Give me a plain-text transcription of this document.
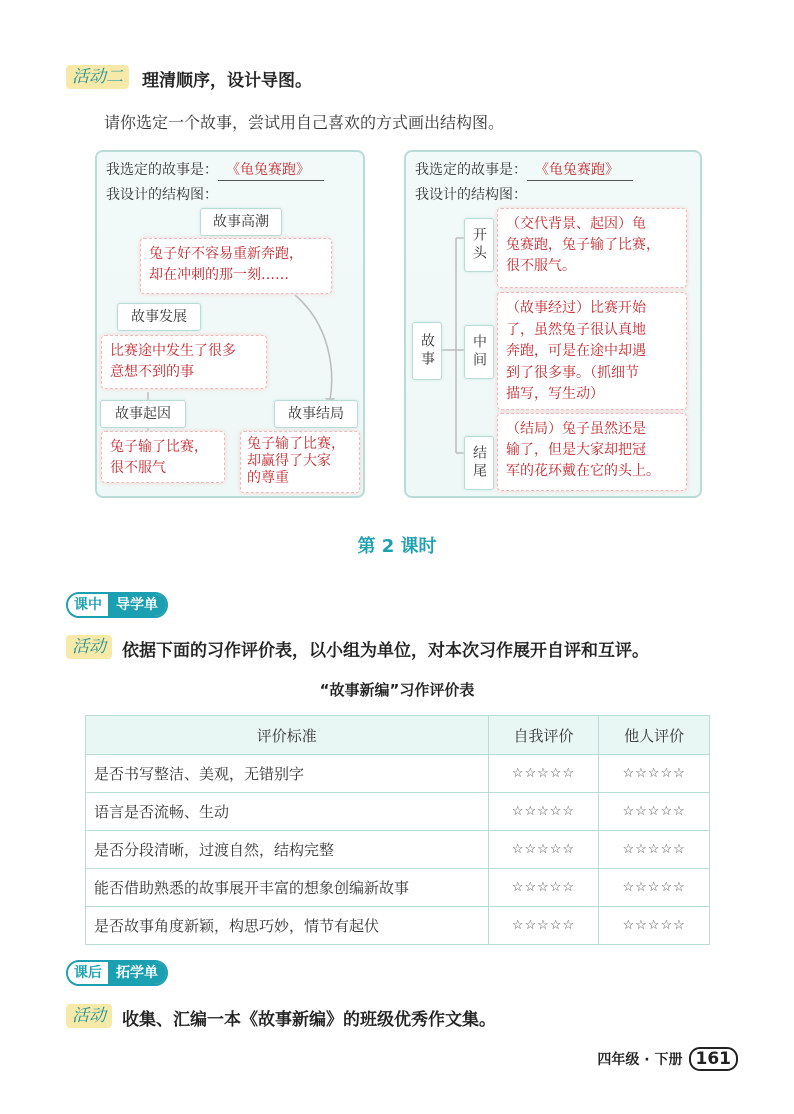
活动二	理清顺序，设计导图。
请你选定一个故事，尝试用自己喜欢的方式画出结构图。
我选定的故事是： 《龟兔赛跑》
我设计的结构图：
故事高潮
兔子好不容易重新奔跑，
却在冲刺的那一刻……
故事发展
比赛途中发生了很多
意想不到的事
故事起因
兔子输了比赛，
很不服气
故事结局
兔子输了比赛，
却赢得了大家
的尊重
我选定的故事是： 《龟兔赛跑》
我设计的结构图：
故事
开头
（交代背景、起因）龟
兔赛跑，兔子输了比赛，
很不服气。
中间
（故事经过）比赛开始
了，虽然兔子很认真地
奔跑，可是在途中却遇
到了很多事。（抓细节
描写，写生动）
结尾
（结局）兔子虽然还是
输了，但是大家却把冠
军的花环戴在它的头上。
第 2 课时
课中	导学单
活动 依据下面的习作评价表，以小组为单位，对本次习作展开自评和互评。
“故事新编”习作评价表
评价标准	自我评价	他人评价
是否书写整洁、美观，无错别字	☆☆☆☆☆	☆☆☆☆☆
语言是否流畅、生动	☆☆☆☆☆	☆☆☆☆☆
是否分段清晰，过渡自然，结构完整	☆☆☆☆☆	☆☆☆☆☆
能否借助熟悉的故事展开丰富的想象创编新故事	☆☆☆☆☆	☆☆☆☆☆
是否故事角度新颖，构思巧妙，情节有起伏	☆☆☆☆☆	☆☆☆☆☆
课后	拓学单
活动 收集、汇编一本《故事新编》的班级优秀作文集。
四年级 · 下册 161
